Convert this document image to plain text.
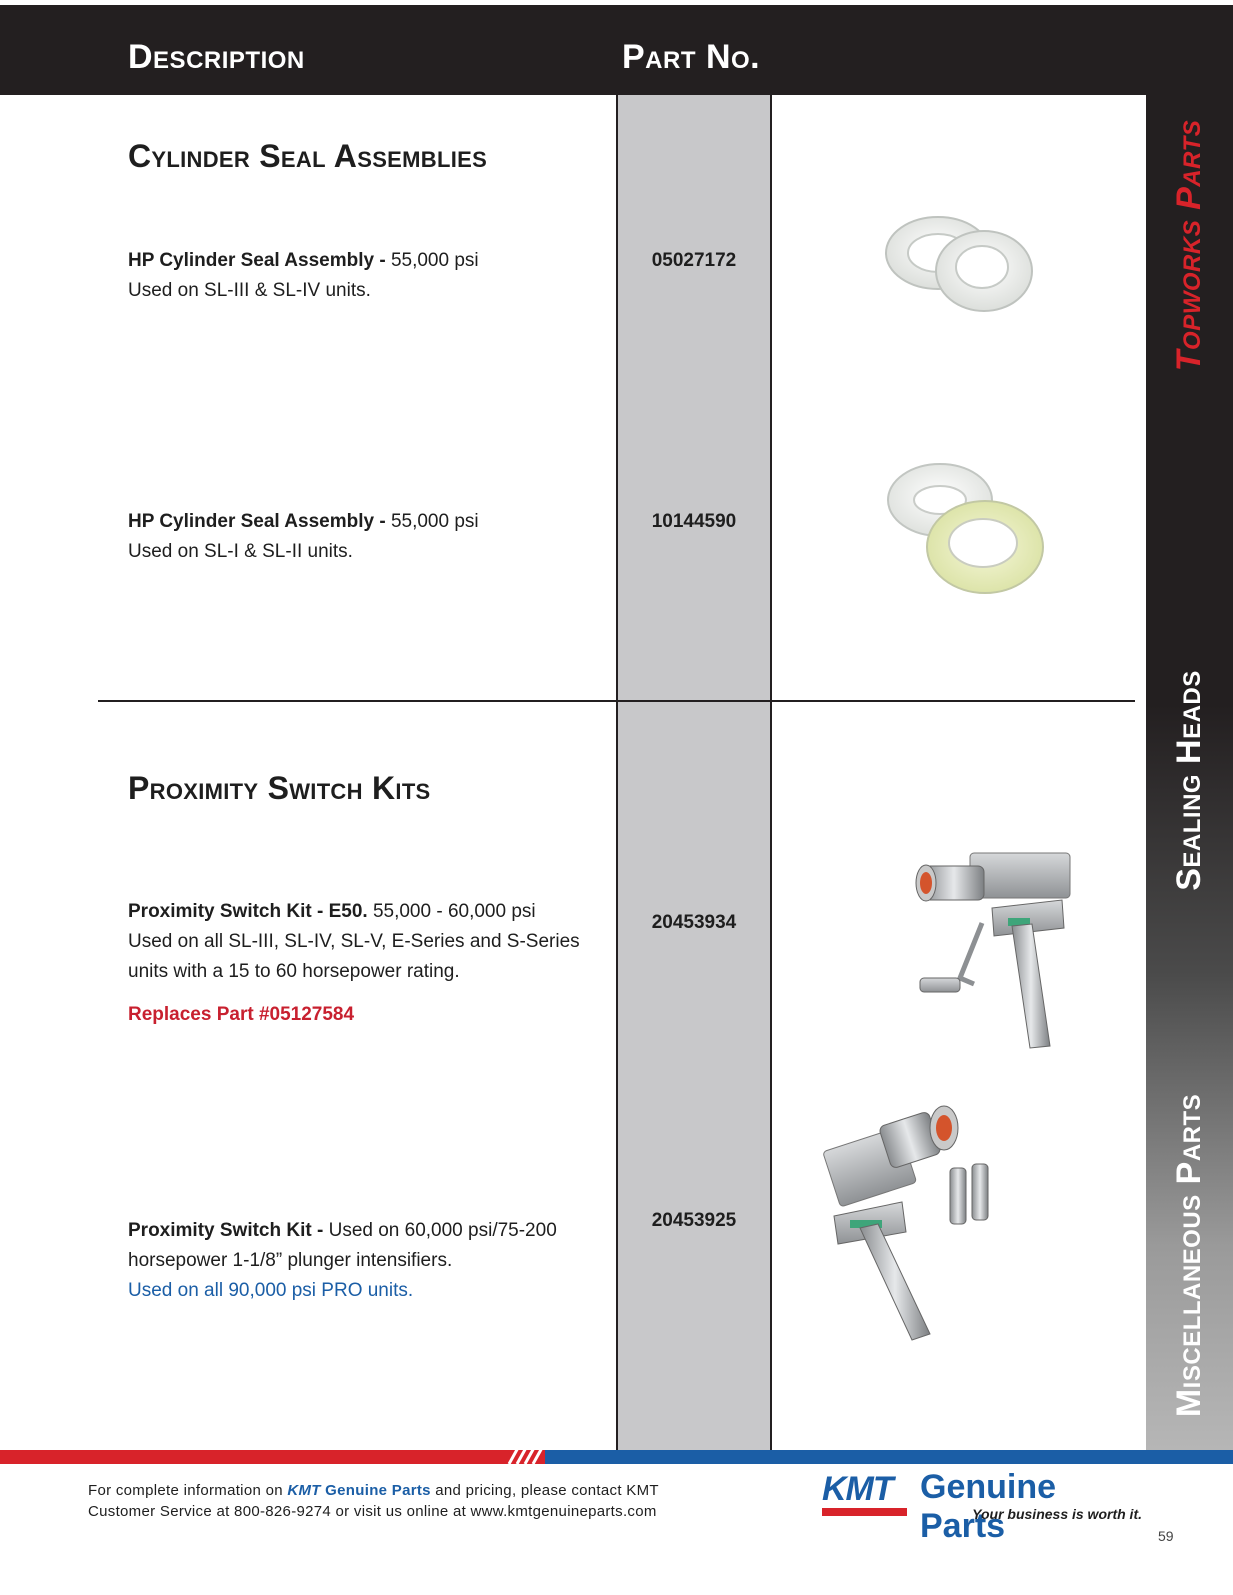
Description	Part No.
Topworks Parts
Sealing Heads
Miscellaneous Parts
Cylinder Seal Assemblies
HP Cylinder Seal Assembly - 55,000 psi
Used on SL-III & SL-IV units.
05027172
HP Cylinder Seal Assembly - 55,000 psi
Used on SL-I & SL-II units.
10144590
Proximity Switch Kits
Proximity Switch Kit - E50. 55,000 - 60,000 psi
Used on all SL-III, SL-IV, SL-V, E-Series and S-Series units with a 15 to 60 horsepower rating.
Replaces Part #05127584
20453934
Proximity Switch Kit - Used on 60,000 psi/75-200 horsepower 1-1/8” plunger intensifiers.
Used on all 90,000 psi PRO units.
20453925
For complete information on KMT Genuine Parts and pricing, please contact KMT
Customer Service at 800-826-9274 or visit us online at www.kmtgenuineparts.com
KMT Genuine Parts
Your business is worth it.
59
